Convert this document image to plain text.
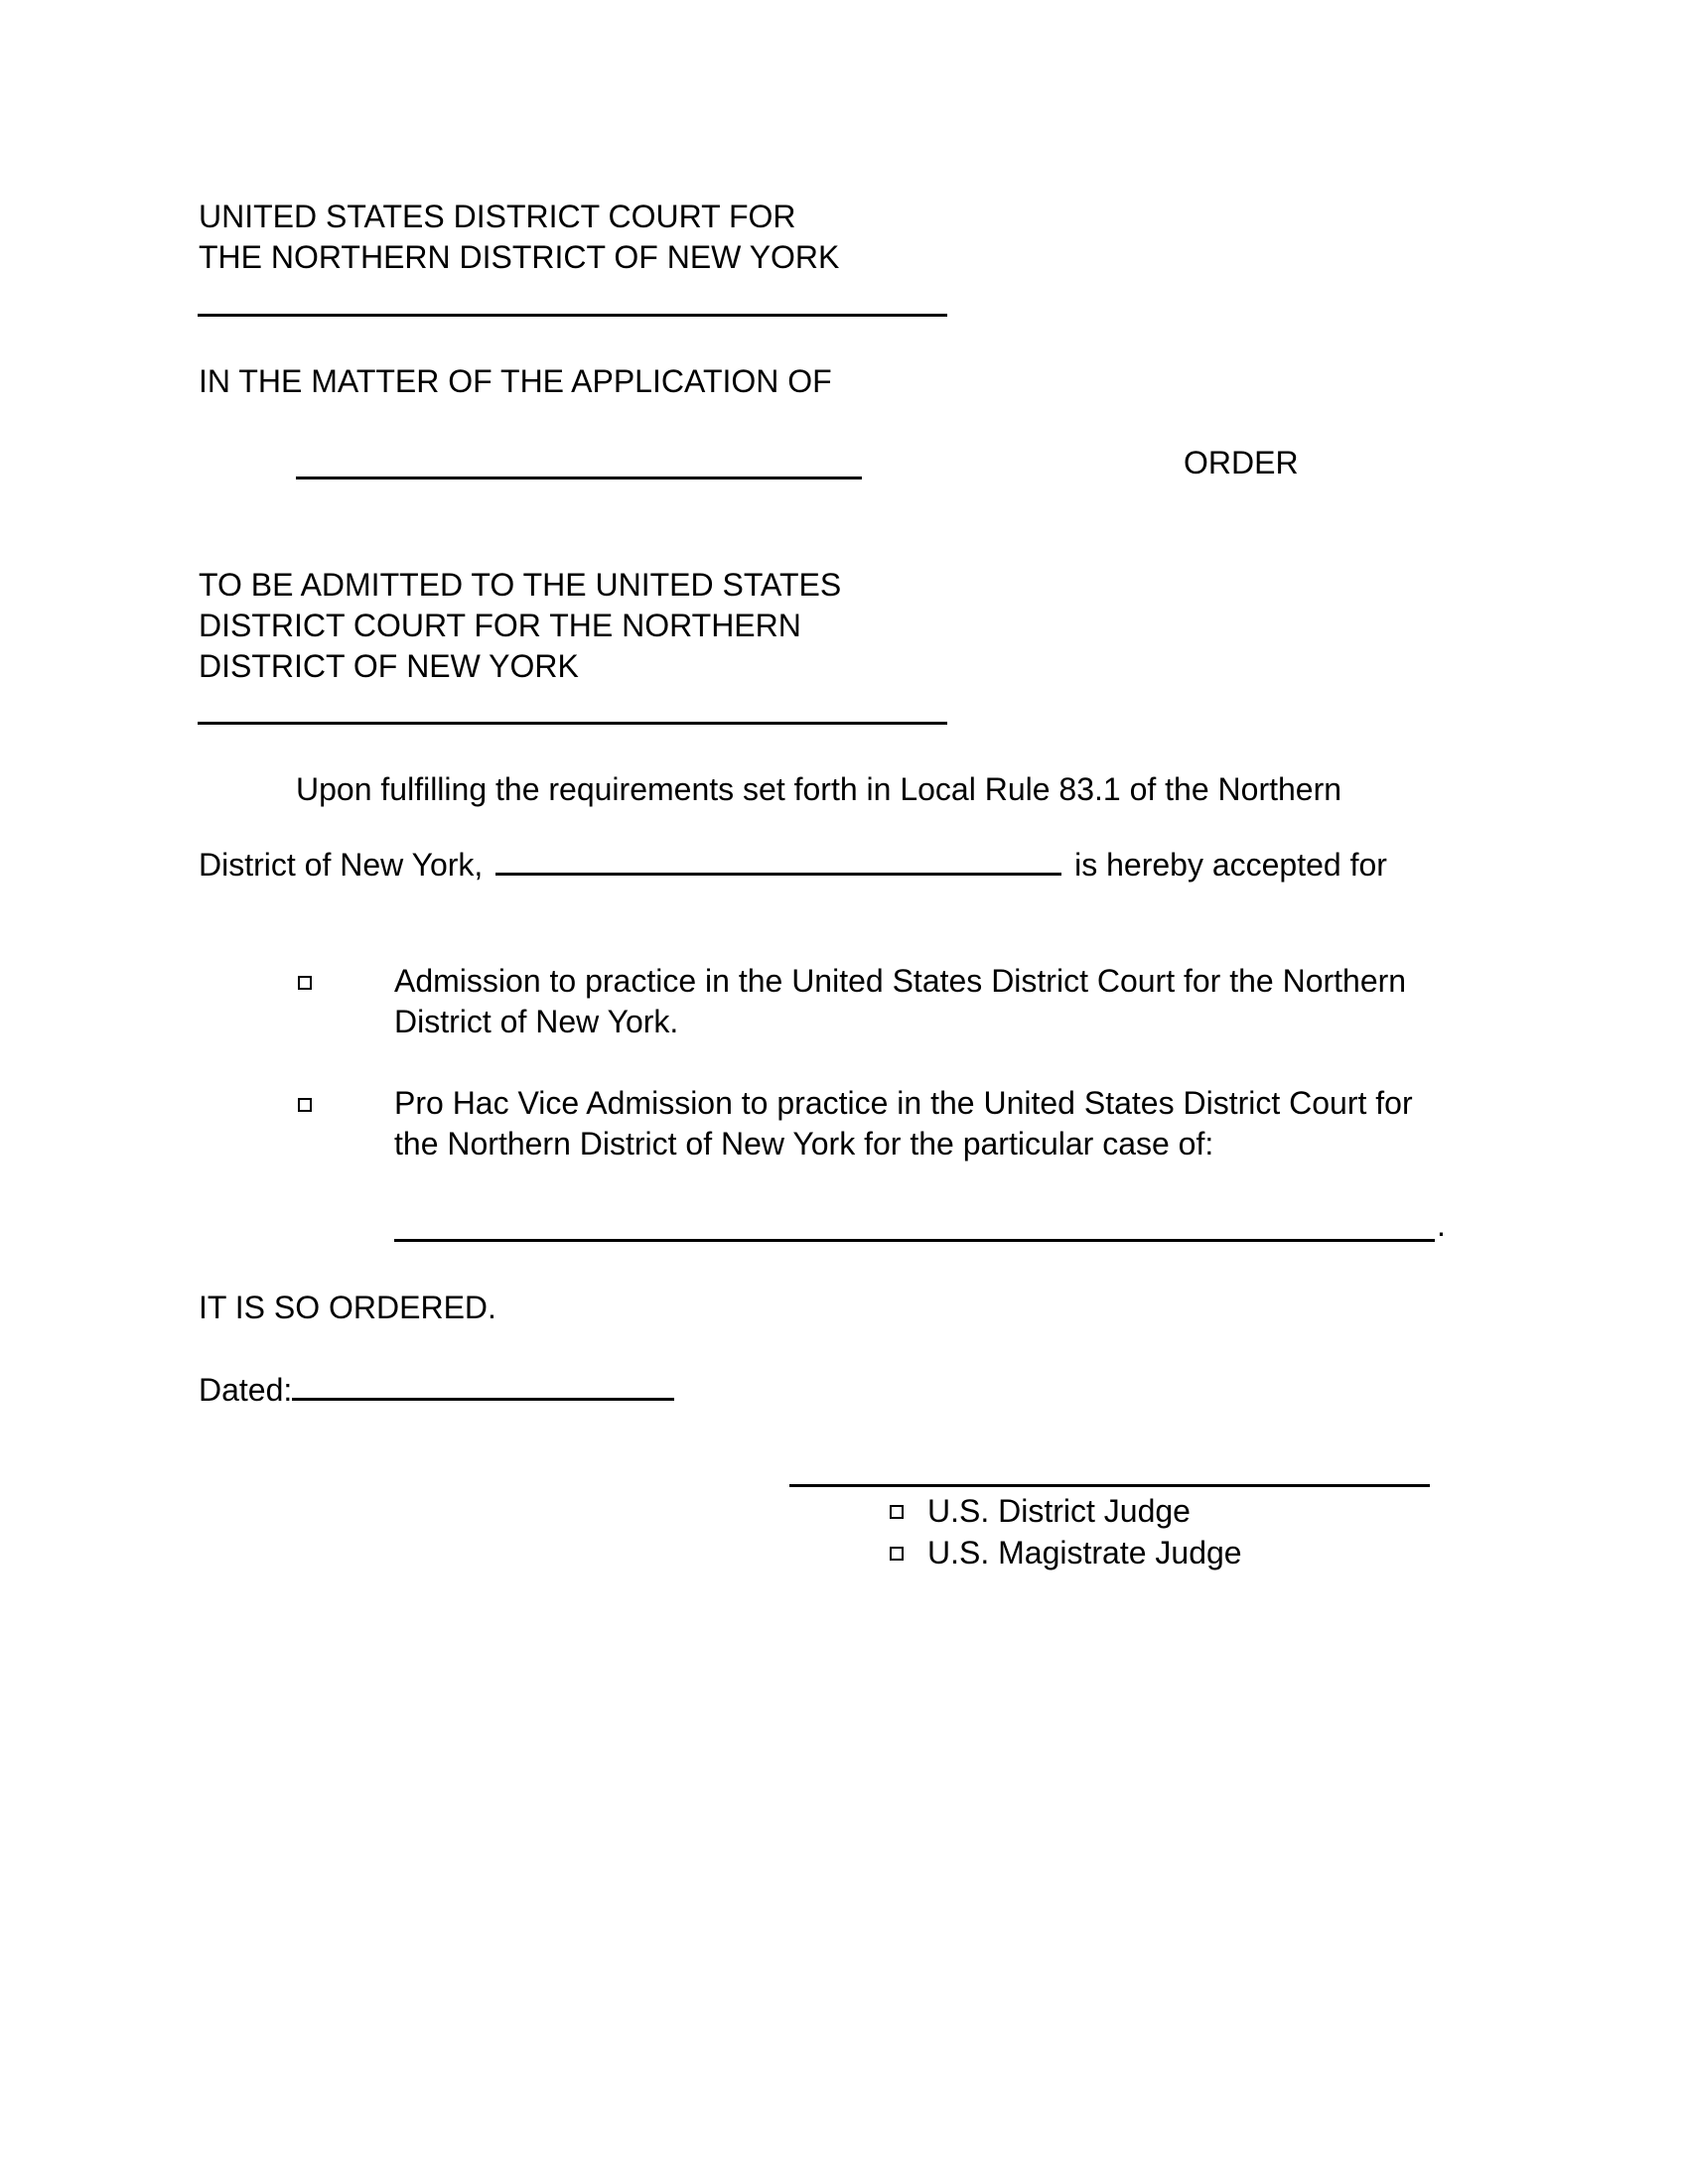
UNITED STATES DISTRICT COURT FOR
THE NORTHERN DISTRICT OF NEW YORK
IN THE MATTER OF THE APPLICATION OF
ORDER
TO BE ADMITTED TO THE UNITED STATES
DISTRICT COURT FOR THE NORTHERN
DISTRICT OF NEW YORK
Upon fulfilling the requirements set forth in Local Rule 83.1 of the Northern
District of New York,	is hereby accepted for
Admission to practice in the United States District Court for the Northern
District of New York.
Pro Hac Vice Admission to practice in the United States District Court for
the Northern District of New York for the particular case of:
.
IT IS SO ORDERED.
Dated:
U.S. District Judge
U.S. Magistrate Judge
